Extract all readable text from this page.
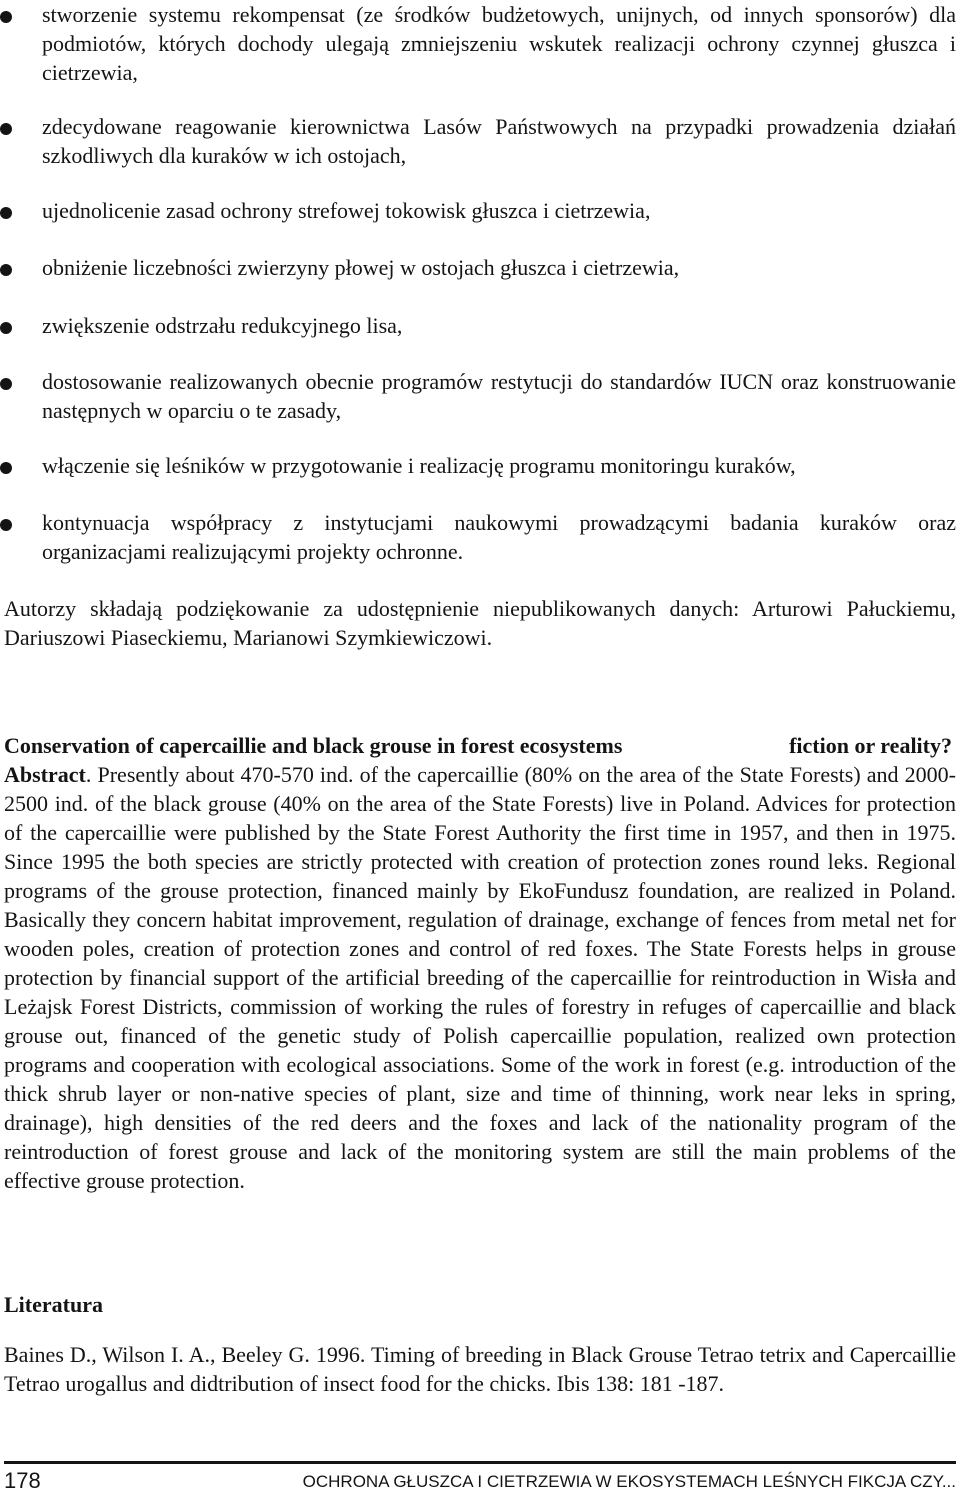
stworzenie systemu rekompensat (ze środków budżetowych, unijnych, od innych sponsorów) dla podmiotów, których dochody ulegają zmniejszeniu wskutek realizacji ochrony czynnej głuszca i cietrzewia,
zdecydowane reagowanie kierownictwa Lasów Państwowych na przypadki prowadzenia działań szkodliwych dla kuraków w ich ostojach,
ujednolicenie zasad ochrony strefowej tokowisk głuszca i cietrzewia,
obniżenie liczebności zwierzyny płowej w ostojach głuszca i cietrzewia,
zwiększenie odstrzału redukcyjnego lisa,
dostosowanie realizowanych obecnie programów restytucji do standardów IUCN oraz konstruowanie następnych w oparciu o te zasady,
włączenie się leśników w przygotowanie i realizację programu monitoringu kuraków,
kontynuacja współpracy z instytucjami naukowymi prowadzącymi badania kuraków oraz organizacjami realizującymi projekty ochronne.

Autorzy składają podziękowanie za udostępnienie niepublikowanych danych: Arturowi Pałuckiemu, Dariuszowi Piaseckiemu, Marianowi Szymkiewiczowi.

Conservation of capercaillie and black grouse in forest ecosystems	fiction or reality?

Abstract. Presently about 470-570 ind. of the capercaillie (80% on the area of the State Forests) and 2000-2500 ind. of the black grouse (40% on the area of the State Forests) live in Poland. Advices for protection of the capercaillie were published by the State Forest Authority the first time in 1957, and then in 1975. Since 1995 the both species are strictly protected with creation of protection zones round leks. Regional programs of the grouse protection, financed mainly by EkoFundusz foundation, are realized in Poland. Basically they concern habitat improvement, regulation of drainage, exchange of fences from metal net for wooden poles, creation of protection zones and control of red foxes. The State Forests helps in grouse protection by financial support of the artificial breeding of the capercaillie for reintroduction in Wisła and Leżajsk Forest Districts, commission of working the rules of forestry in refuges of capercaillie and black grouse out, financed of the genetic study of Polish capercaillie population, realized own protection programs and cooperation with ecological associations. Some of the work in forest (e.g. introduction of the thick shrub layer or non-native species of plant, size and time of thinning, work near leks in spring, drainage), high densities of the red deers and the foxes and lack of the nationality program of the reintroduction of forest grouse and lack of the monitoring system are still the main problems of the effective grouse protection.

Literatura

Baines D., Wilson I. A., Beeley G. 1996. Timing of breeding in Black Grouse Tetrao tetrix and Capercaillie Tetrao urogallus and didtribution of insect food for the chicks. Ibis 138: 181 -187.

178	OCHRONA GŁUSZCA I CIETRZEWIA W EKOSYSTEMACH LEŚNYCH FIKCJA CZY...
